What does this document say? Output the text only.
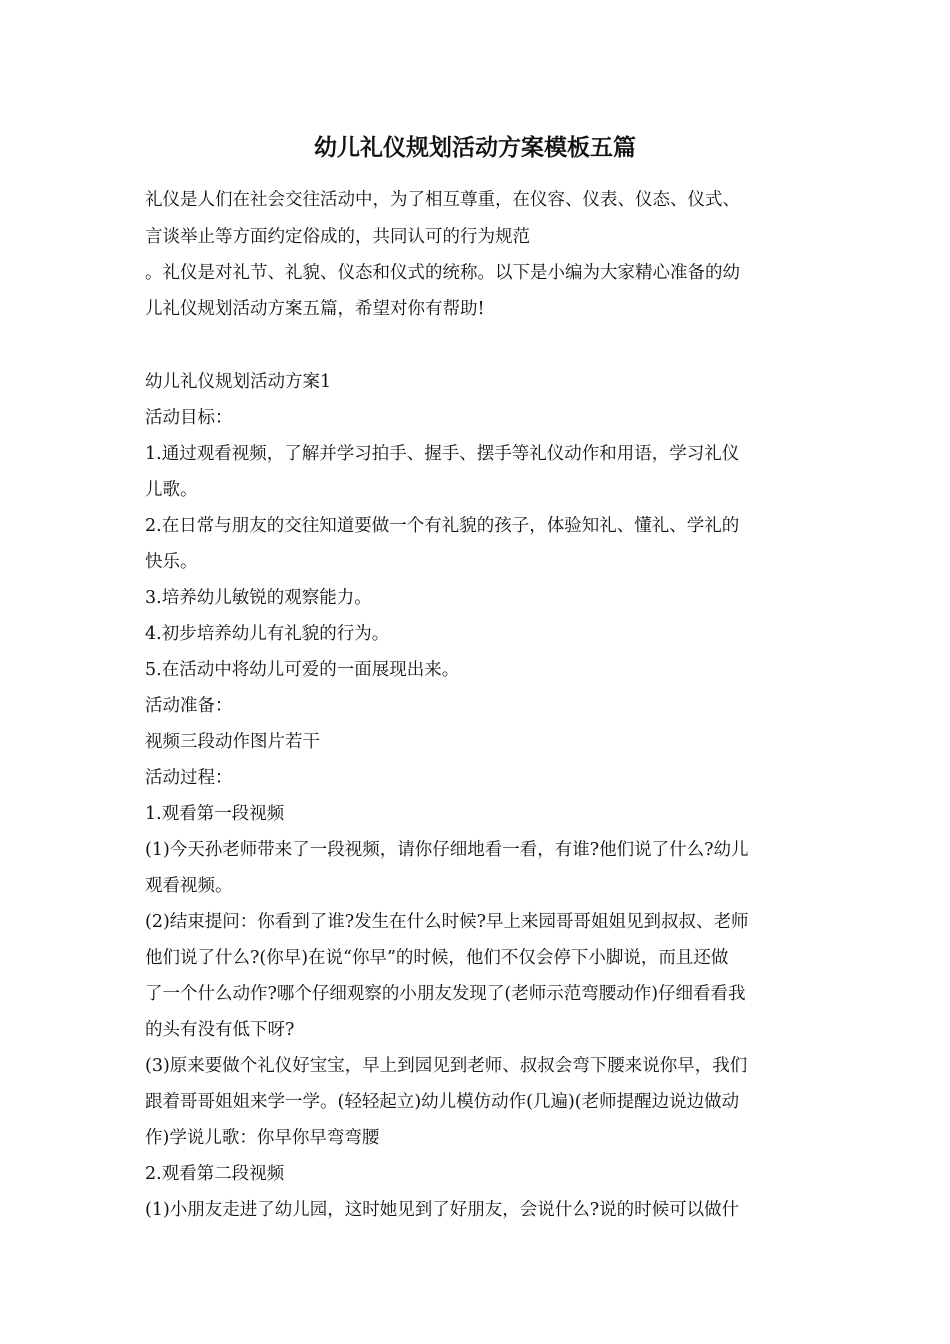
幼儿礼仪规划活动方案模板五篇
礼仪是人们在社会交往活动中，为了相互尊重，在仪容、仪表、仪态、仪式、
言谈举止等方面约定俗成的，共同认可的行为规范
。礼仪是对礼节、礼貌、仪态和仪式的统称。以下是小编为大家精心准备的幼
儿礼仪规划活动方案五篇，希望对你有帮助!
幼儿礼仪规划活动方案1
活动目标：
1.通过观看视频，了解并学习拍手、握手、摆手等礼仪动作和用语，学习礼仪
儿歌。
2.在日常与朋友的交往知道要做一个有礼貌的孩子，体验知礼、懂礼、学礼的
快乐。
3.培养幼儿敏锐的观察能力。
4.初步培养幼儿有礼貌的行为。
5.在活动中将幼儿可爱的一面展现出来。
活动准备：
视频三段动作图片若干
活动过程：
1.观看第一段视频
(1)今天孙老师带来了一段视频，请你仔细地看一看，有谁?他们说了什么?幼儿
观看视频。
(2)结束提问：你看到了谁?发生在什么时候?早上来园哥哥姐姐见到叔叔、老师
他们说了什么?(你早)在说“你早”的时候，他们不仅会停下小脚说，而且还做
了一个什么动作?哪个仔细观察的小朋友发现了(老师示范弯腰动作)仔细看看我
的头有没有低下呀?
(3)原来要做个礼仪好宝宝，早上到园见到老师、叔叔会弯下腰来说你早，我们
跟着哥哥姐姐来学一学。(轻轻起立)幼儿模仿动作(几遍)(老师提醒边说边做动
作)学说儿歌：你早你早弯弯腰
2.观看第二段视频
(1)小朋友走进了幼儿园，这时她见到了好朋友，会说什么?说的时候可以做什
